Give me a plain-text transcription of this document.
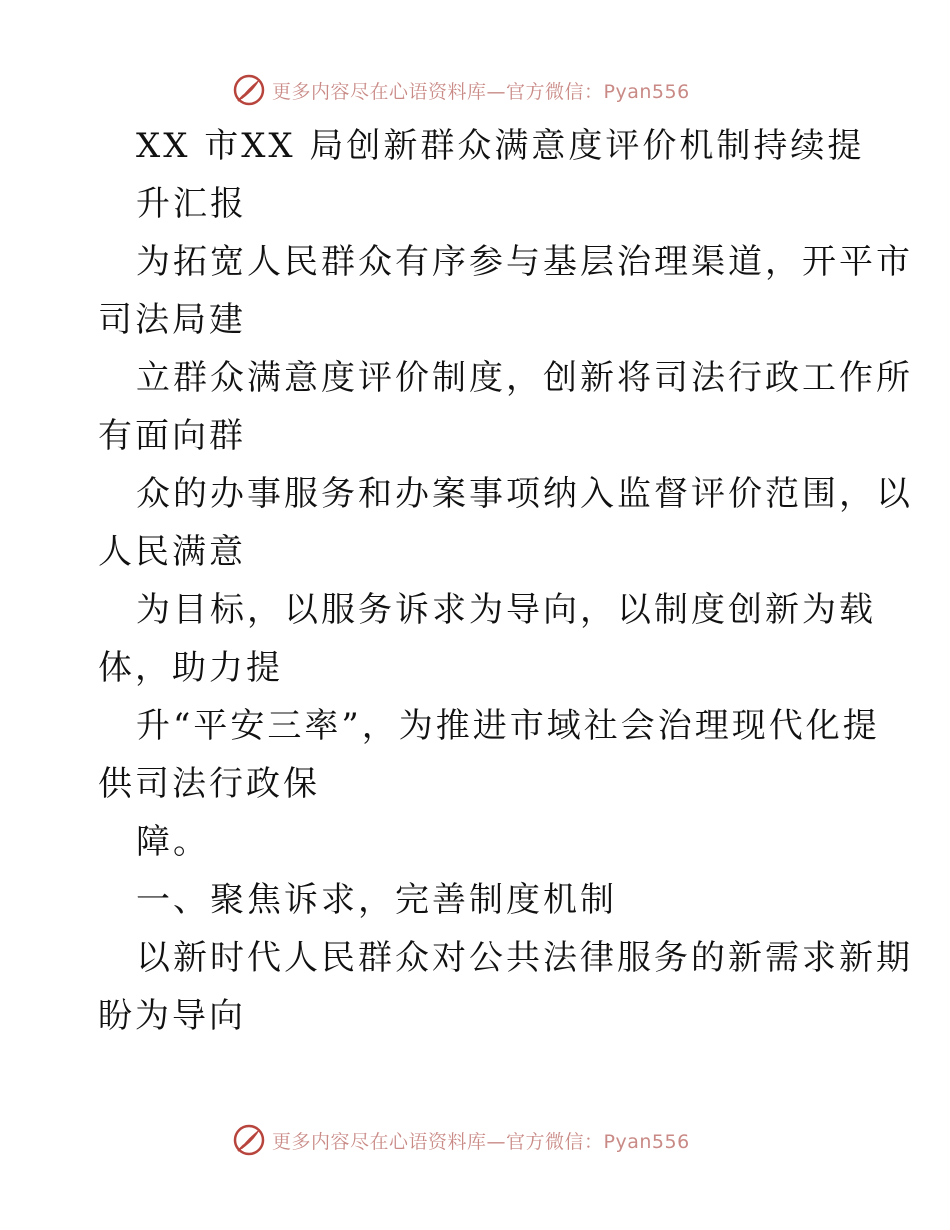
更多内容尽在心语资料库—官方微信：Pyan556
XX 市XX 局创新群众满意度评价机制持续提
升汇报
为拓宽人民群众有序参与基层治理渠道，开平市
司法局建
立群众满意度评价制度，创新将司法行政工作所
有面向群
众的办事服务和办案事项纳入监督评价范围，以
人民满意
为目标，以服务诉求为导向，以制度创新为载
体，助力提
升“平安三率”，为推进市域社会治理现代化提
供司法行政保
障。
一、聚焦诉求，完善制度机制
以新时代人民群众对公共法律服务的新需求新期
盼为导向
更多内容尽在心语资料库—官方微信：Pyan556
